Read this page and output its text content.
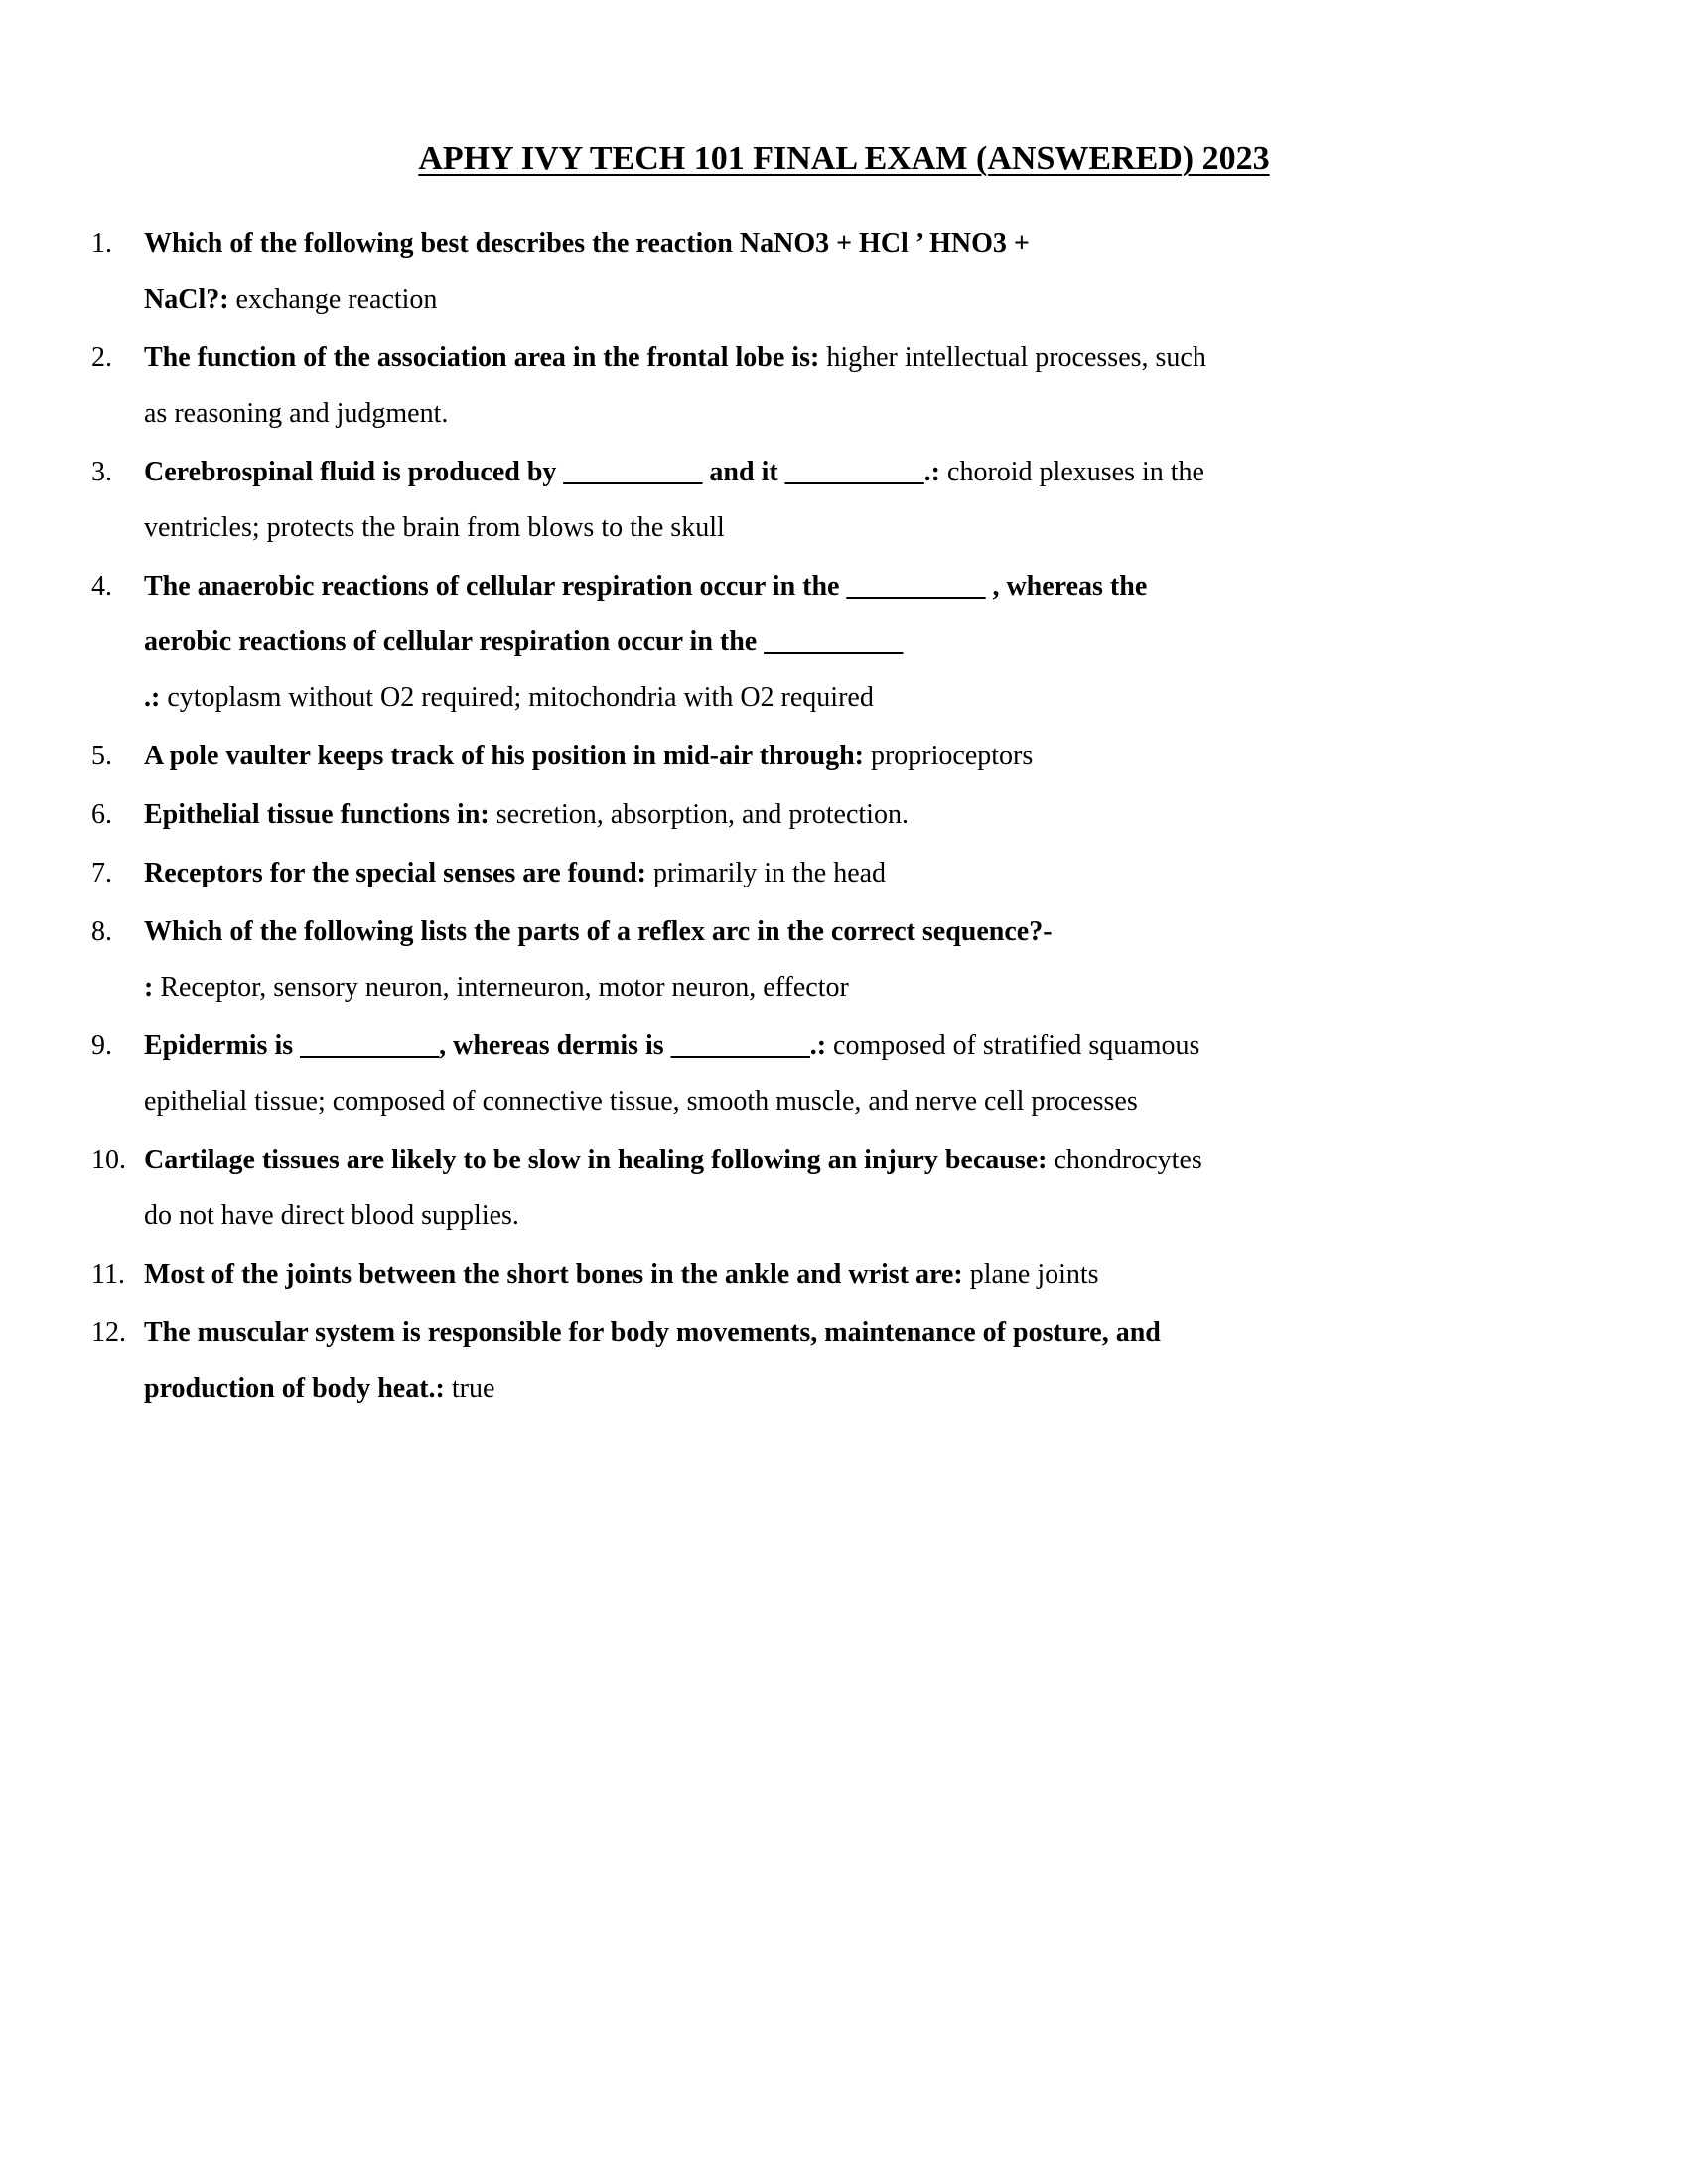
APHY IVY TECH 101 FINAL EXAM (ANSWERED) 2023
1.	Which of the following best describes the reaction NaNO3 + HCl ’ HNO3 +
NaCl?: exchange reaction
2.	The function of the association area in the frontal lobe is: higher intellectual processes, such
as reasoning and judgment.
3.	Cerebrospinal fluid is produced by __________ and it __________.: choroid plexuses in the
ventricles; protects the brain from blows to the skull
4.	The anaerobic reactions of cellular respiration occur in the __________ , whereas the
aerobic reactions of cellular respiration occur in the __________
.: cytoplasm without O2 required; mitochondria with O2 required
5.	A pole vaulter keeps track of his position in mid-air through: proprioceptors
6.	Epithelial tissue functions in: secretion, absorption, and protection.
7.	Receptors for the special senses are found: primarily in the head
8.	Which of the following lists the parts of a reflex arc in the correct sequence?-
: Receptor, sensory neuron, interneuron, motor neuron, effector
9.	Epidermis is __________, whereas dermis is __________.: composed of stratified squamous
epithelial tissue; composed of connective tissue, smooth muscle, and nerve cell processes
10. Cartilage tissues are likely to be slow in healing following an injury because: chondrocytes
do not have direct blood supplies.
11. Most of the joints between the short bones in the ankle and wrist are: plane joints
12. The muscular system is responsible for body movements, maintenance of posture, and
production of body heat.: true
